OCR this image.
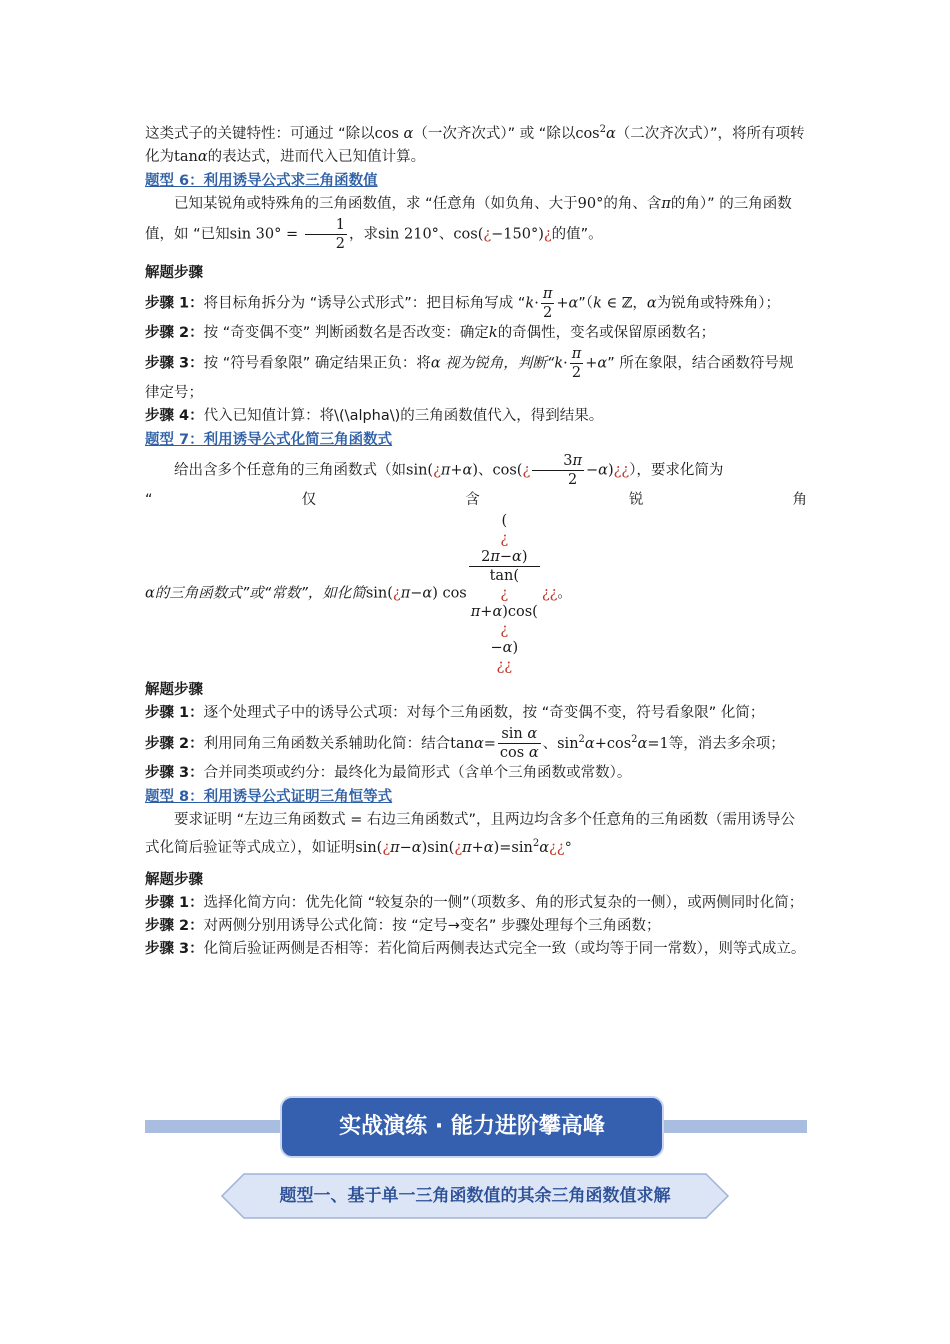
这类式子的关键特性：可通过 “除以cos α（一次齐次式）” 或 “除以$\cos^2\alpha$（二次齐次式）”，将所有项转化为tanα的表达式，进而代入已知值计算。

题型 6：利用诱导公式求三角函数值

已知某锐角或特殊角的三角函数值，求 “任意角（如负角、大于90°的角、含π的角）” 的三角函数值，如 “已知$\sin 30^\circ = \frac{1}{2}$ ，求sin 210°、cos(¿−150°)¿的值”。

解题步骤

步骤 1：将目标角拆分为 “诱导公式形式”：把目标角写成 “$k\cdot \frac{\pi}{2}$ +α”（k ∈ ℤ，α为锐角或特殊角）；

步骤 2：按 “奇变偶不变” 判断函数名是否改变：确定k的奇偶性，变名或保留原函数名；

步骤 3：按 “符号看象限” 确定结果正负：将α 视为锐角，判断“$k\cdot \frac{\pi}{2} +\alpha$” 所在象限，结合函数符号规律定号；

步骤 4：代入已知值计算：将\(\alpha\)的三角函数值代入，得到结果。

题型 7：利用诱导公式化简三角函数式

给出含多个任意角的三角函数式（如sin(¿π+α)、cos(¿ $\frac{3\pi}{2}$ −α)¿¿），要求化简为

“	仅	含	锐	角

α的三角函数式”或“常数”，如化简sin(¿π−α) cos (
¿
2π−α)
tan(
¿
π+α)cos(
¿
−α)
¿¿ ¿¿。

解题步骤

步骤 1：逐个处理式子中的诱导公式项：对每个三角函数，按 “奇变偶不变，符号看象限” 化简；

步骤 2：利用同角三角函数关系辅助化简：结合$\tan\alpha= \frac{\text{sin α}}{\text{cos α}}$ 、$\sin^2\alpha+\cos^2\alpha=1$等，消去多余项；

步骤 3：合并同类项或约分：最终化为最简形式（含单个三角函数或常数）。

题型 8：利用诱导公式证明三角恒等式

要求证明 “左边三角函数式 = 右边三角函数式”，且两边均含多个任意角的三角函数（需用诱导公式化简后验证等式成立），如证明$\sin(¿\pi-\alpha)\sin(¿\pi+\alpha)=\sin^2\alpha¿¿^\circ$

解题步骤

步骤 1：选择化简方向：优先化简 “较复杂的一侧”（项数多、角的形式复杂的一侧），或两侧同时化简；

步骤 2：对两侧分别用诱导公式化简：按 “定号→变名” 步骤处理每个三角函数；

步骤 3：化简后验证两侧是否相等：若化简后两侧表达式完全一致（或均等于同一常数），则等式成立。

实战演练 · 能力进阶攀高峰
题型一、基于单一三角函数值的其余三角函数值求解
